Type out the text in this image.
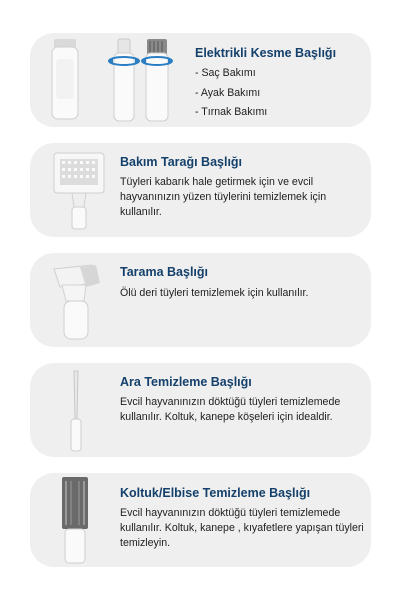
Elektrikli Kesme Başlığı
- Saç Bakımı
- Ayak Bakımı
- Tırnak Bakımı
Bakım Tarağı Başlığı
Tüyleri kabarık hale getirmek için ve evcil hayvanınızın yüzen tüylerini temizlemek için kullanılır.
Tarama Başlığı
Ölü deri tüyleri temizlemek için kullanılır.
Ara Temizleme Başlığı
Evcil hayvanınızın döktüğü tüyleri temizlemede kullanılır. Koltuk, kanepe köşeleri için idealdir.
Koltuk/Elbise Temizleme Başlığı
Evcil hayvanınızın döktüğü tüyleri temizlemede kullanılır. Koltuk, kanepe , kıyafetlere yapışan tüyleri temizleyin.
